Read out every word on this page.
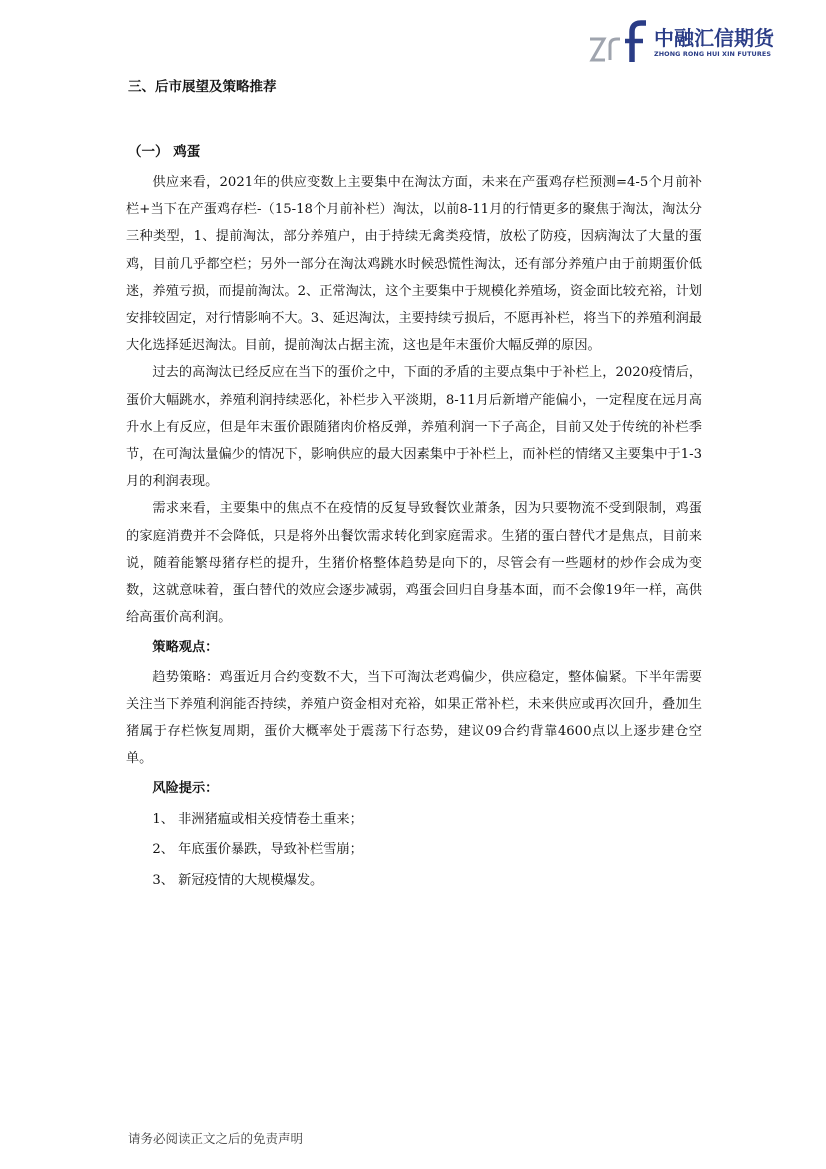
中融汇信期货
ZHONG RONG HUI XIN FUTURES
三、后市展望及策略推荐
（一） 鸡蛋

供应来看，2021年的供应变数上主要集中在淘汰方面，未来在产蛋鸡存栏预测=4-5个月前补栏+当下在产蛋鸡存栏-（15-18个月前补栏）淘汰，以前8-11月的行情更多的聚焦于淘汰，淘汰分三种类型，1、提前淘汰，部分养殖户，由于持续无禽类疫情，放松了防疫，因病淘汰了大量的蛋鸡，目前几乎都空栏；另外一部分在淘汰鸡跳水时候恐慌性淘汰，还有部分养殖户由于前期蛋价低迷，养殖亏损，而提前淘汰。2、正常淘汰，这个主要集中于规模化养殖场，资金面比较充裕，计划安排较固定，对行情影响不大。3、延迟淘汰，主要持续亏损后，不愿再补栏，将当下的养殖利润最大化选择延迟淘汰。目前，提前淘汰占据主流，这也是年末蛋价大幅反弹的原因。

过去的高淘汰已经反应在当下的蛋价之中，下面的矛盾的主要点集中于补栏上，2020疫情后，蛋价大幅跳水，养殖利润持续恶化，补栏步入平淡期，8-11月后新增产能偏小，一定程度在远月高升水上有反应，但是年末蛋价跟随猪肉价格反弹，养殖利润一下子高企，目前又处于传统的补栏季节，在可淘汰量偏少的情况下，影响供应的最大因素集中于补栏上，而补栏的情绪又主要集中于1-3月的利润表现。

需求来看，主要集中的焦点不在疫情的反复导致餐饮业萧条，因为只要物流不受到限制，鸡蛋的家庭消费并不会降低，只是将外出餐饮需求转化到家庭需求。生猪的蛋白替代才是焦点，目前来说，随着能繁母猪存栏的提升，生猪价格整体趋势是向下的，尽管会有一些题材的炒作会成为变数，这就意味着，蛋白替代的效应会逐步减弱，鸡蛋会回归自身基本面，而不会像19年一样，高供给高蛋价高利润。

策略观点：

趋势策略：鸡蛋近月合约变数不大，当下可淘汰老鸡偏少，供应稳定，整体偏紧。下半年需要关注当下养殖利润能否持续，养殖户资金相对充裕，如果正常补栏，未来供应或再次回升，叠加生猪属于存栏恢复周期，蛋价大概率处于震荡下行态势，建议09合约背靠4600点以上逐步建仓空单。

风险提示：
1、 非洲猪瘟或相关疫情卷土重来；
2、 年底蛋价暴跌，导致补栏雪崩；
3、 新冠疫情的大规模爆发。
请务必阅读正文之后的免责声明
